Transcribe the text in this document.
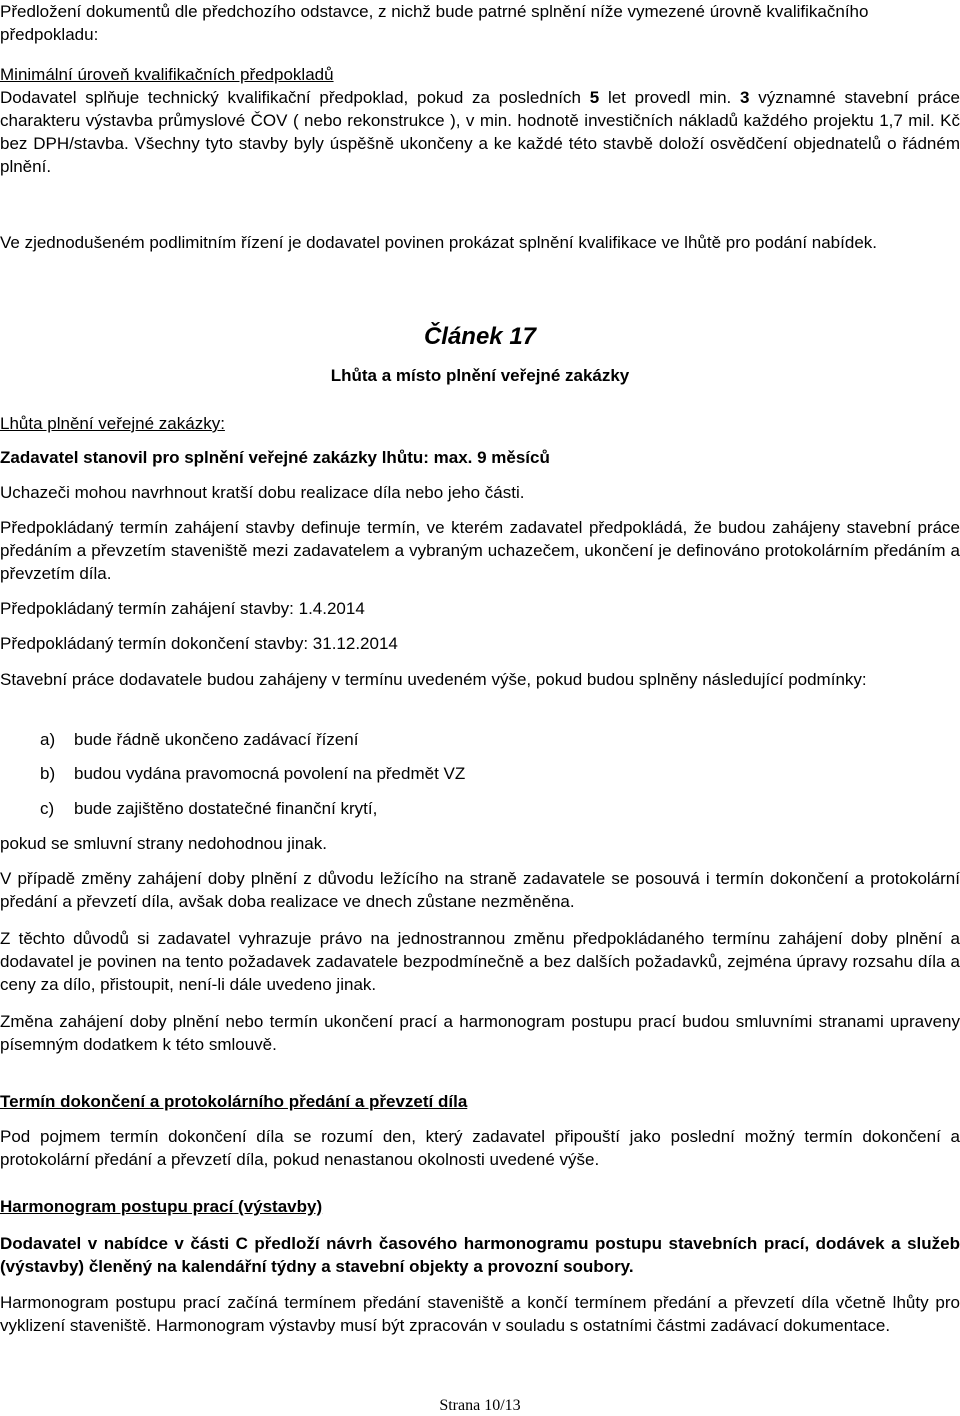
Předložení dokumentů dle předchozího odstavce, z nichž bude patrné splnění níže vymezené úrovně kvalifikačního předpokladu:

Minimální úroveň kvalifikačních předpokladů

Dodavatel splňuje technický kvalifikační předpoklad, pokud za posledních 5 let provedl min. 3 významné stavební práce charakteru výstavba průmyslové ČOV ( nebo rekonstrukce ), v min. hodnotě investičních nákladů každého projektu 1,7 mil. Kč bez DPH/stavba. Všechny tyto stavby byly úspěšně ukončeny a ke každé této stavbě doloží osvědčení objednatelů o řádném plnění.

Ve zjednodušeném podlimitním řízení je dodavatel povinen prokázat splnění kvalifikace ve lhůtě pro podání nabídek.

Článek 17
Lhůta a místo plnění veřejné zakázky

Lhůta plnění veřejné zakázky:

Zadavatel stanovil pro splnění veřejné zakázky lhůtu: max. 9 měsíců

Uchazeči mohou navrhnout kratší dobu realizace díla nebo jeho části.

Předpokládaný termín zahájení stavby definuje termín, ve kterém zadavatel předpokládá, že budou zahájeny stavební práce předáním a převzetím staveniště mezi zadavatelem a vybraným uchazečem, ukončení je definováno protokolárním předáním a převzetím díla.

Předpokládaný termín zahájení stavby: 1.4.2014

Předpokládaný termín dokončení stavby: 31.12.2014

Stavební práce dodavatele budou zahájeny v termínu uvedeném výše, pokud budou splněny následující podmínky:

a) bude řádně ukončeno zadávací řízení
b) budou vydána pravomocná povolení na předmět VZ
c) bude zajištěno dostatečné finanční krytí,

pokud se smluvní strany nedohodnou jinak.

V případě změny zahájení doby plnění z důvodu ležícího na straně zadavatele se posouvá i termín dokončení a protokolární předání a převzetí díla, avšak doba realizace ve dnech zůstane nezměněna.

Z těchto důvodů si zadavatel vyhrazuje právo na jednostrannou změnu předpokládaného termínu zahájení doby plnění a dodavatel je povinen na tento požadavek zadavatele bezpodmínečně a bez dalších požadavků, zejména úpravy rozsahu díla a ceny za dílo, přistoupit, není-li dále uvedeno jinak.

Změna zahájení doby plnění nebo termín ukončení prací a harmonogram postupu prací budou smluvními stranami upraveny písemným dodatkem k této smlouvě.

Termín dokončení a protokolárního předání a převzetí díla

Pod pojmem termín dokončení díla se rozumí den, který zadavatel připouští jako poslední možný termín dokončení a protokolární předání a převzetí díla, pokud nenastanou okolnosti uvedené výše.

Harmonogram postupu prací (výstavby)

Dodavatel v nabídce v části C předloží návrh časového harmonogramu postupu stavebních prací, dodávek a služeb (výstavby) členěný na kalendářní týdny a stavební objekty a provozní soubory.

Harmonogram postupu prací začíná termínem předání staveniště a končí termínem předání a převzetí díla včetně lhůty pro vyklizení staveniště. Harmonogram výstavby musí být zpracován v souladu s ostatními částmi zadávací dokumentace.

Strana 10/13
